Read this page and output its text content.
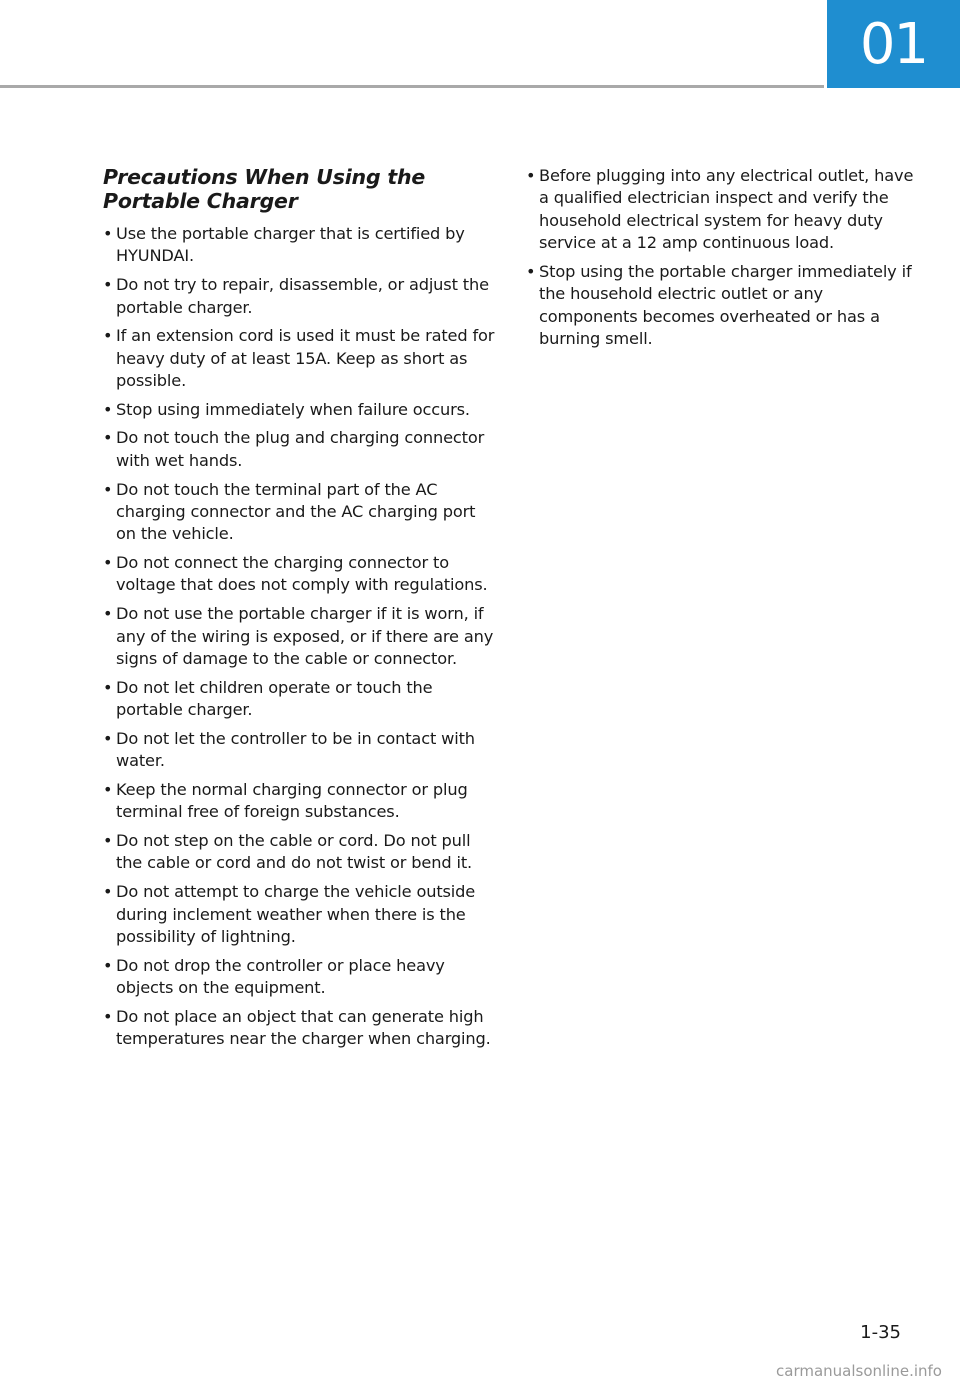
01
Precautions When Using the
Portable Charger
• Use the portable charger that is certified by HYUNDAI.
• Do not try to repair, disassemble, or adjust the portable charger.
• If an extension cord is used it must be rated for heavy duty of at least 15A. Keep as short as possible.
• Stop using immediately when failure occurs.
• Do not touch the plug and charging connector with wet hands.
• Do not touch the terminal part of the AC charging connector and the AC charging port on the vehicle.
• Do not connect the charging connector to voltage that does not comply with regulations.
• Do not use the portable charger if it is worn, if any of the wiring is exposed, or if there are any signs of damage to the cable or connector.
• Do not let children operate or touch the portable charger.
• Do not let the controller to be in contact with water.
• Keep the normal charging connector or plug terminal free of foreign substances.
• Do not step on the cable or cord. Do not pull the cable or cord and do not twist or bend it.
• Do not attempt to charge the vehicle outside during inclement weather when there is the possibility of lightning.
• Do not drop the controller or place heavy objects on the equipment.
• Do not place an object that can generate high temperatures near the charger when charging.
• Before plugging into any electrical outlet, have a qualified electrician inspect and verify the household electrical system for heavy duty service at a 12 amp continuous load.
• Stop using the portable charger immediately if the household electric outlet or any components becomes overheated or has a burning smell.
1-35
carmanualsonline.info
